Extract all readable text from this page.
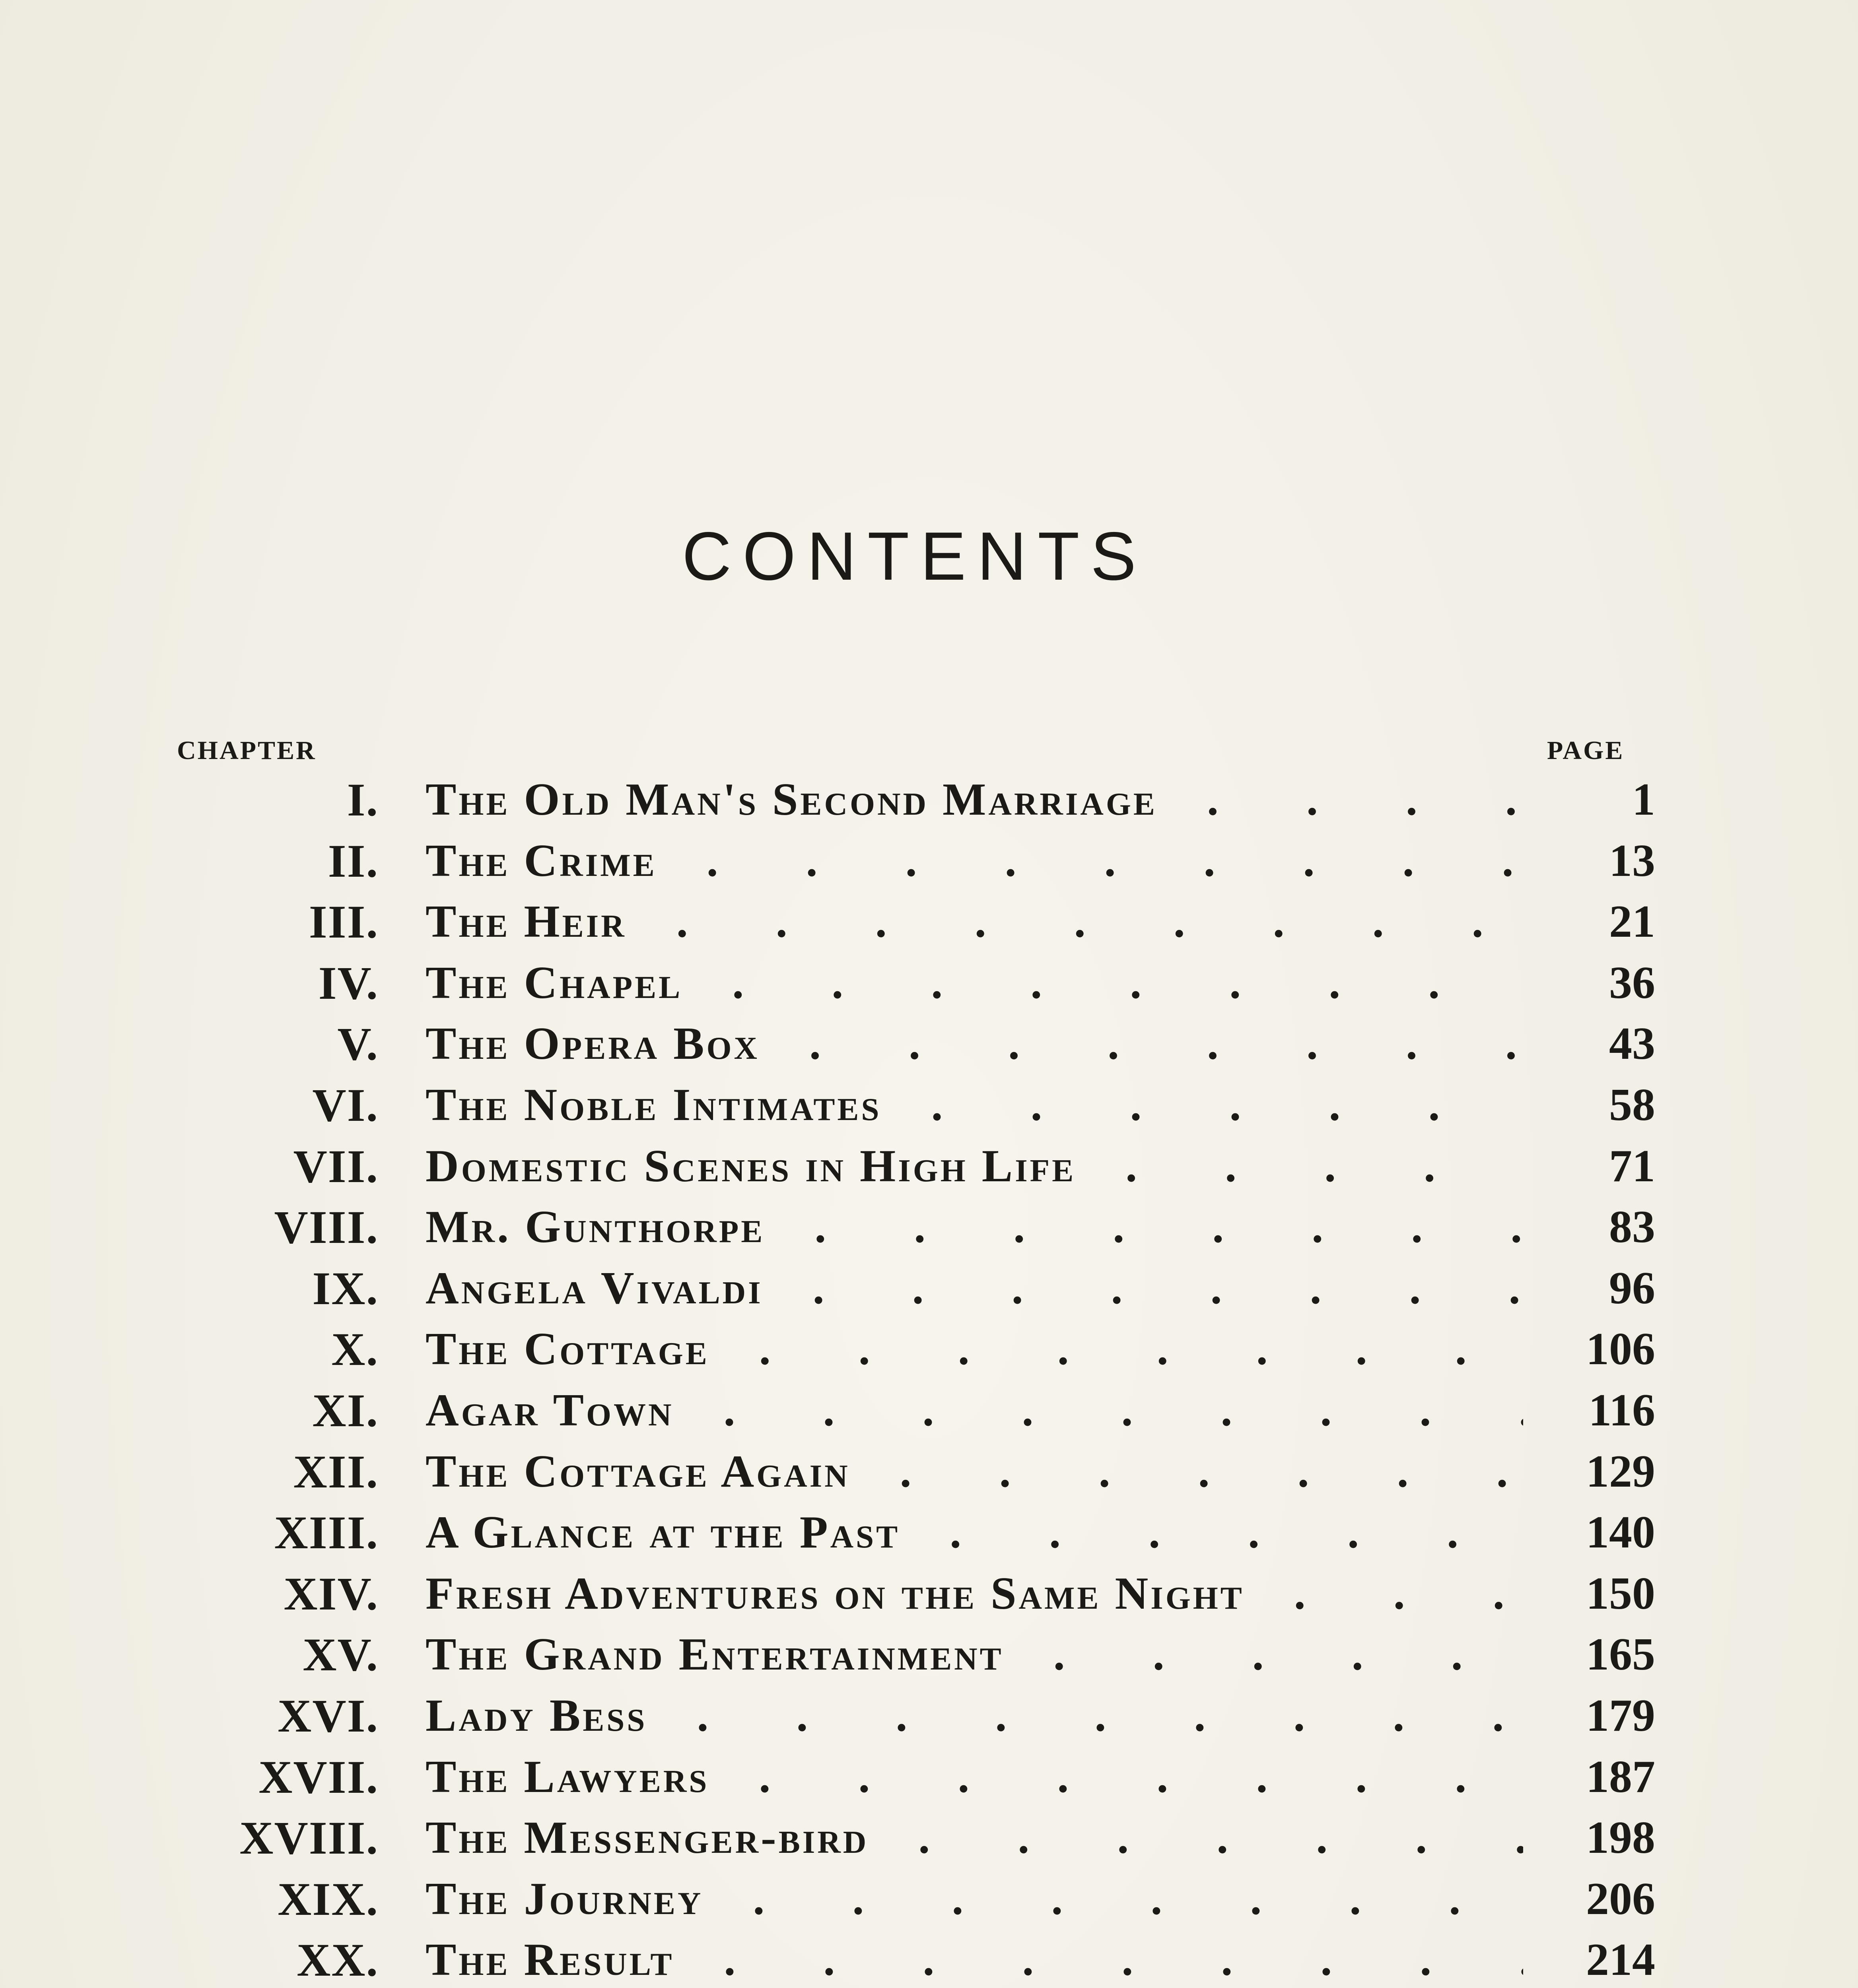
CONTENTS
CHAPTER	PAGE
I. The Old Man's Second Marriage . . .	1
II. The Crime . . .	13
III. The Heir . . .	21
IV. The Chapel . . .	36
V. The Opera Box . . .	43
VI. The Noble Intimates . . .	58
VII. Domestic Scenes in High Life . . .	71
VIII. Mr. Gunthorpe . . .	83
IX. Angela Vivaldi . . .	96
X. The Cottage . . .	106
XI. Agar Town . . .	116
XII. The Cottage Again . . .	129
XIII. A Glance at the Past . . .	140
XIV. Fresh Adventures on the Same Night . . .	150
XV. The Grand Entertainment . . .	165
XVI. Lady Bess . . .	179
XVII. The Lawyers . . .	187
XVIII. The Messenger-bird . . .	198
XIX. The Journey . . .	206
XX. The Result . . .	214
